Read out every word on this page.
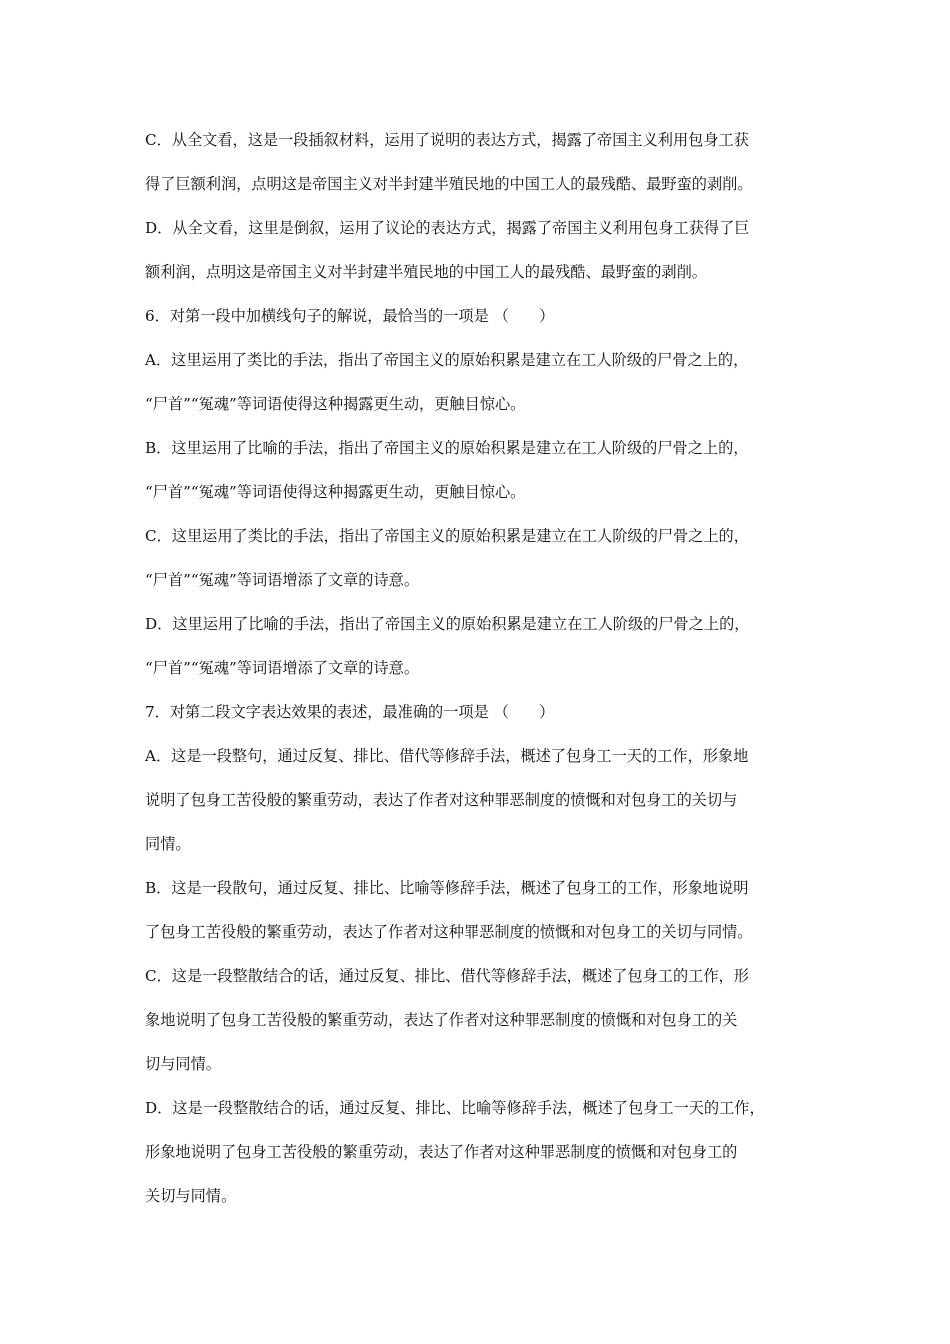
C．从全文看，这是一段插叙材料，运用了说明的表达方式，揭露了帝国主义利用包身工获
得了巨额利润，点明这是帝国主义对半封建半殖民地的中国工人的最残酷、最野蛮的剥削。
D．从全文看，这里是倒叙，运用了议论的表达方式，揭露了帝国主义利用包身工获得了巨
额利润，点明这是帝国主义对半封建半殖民地的中国工人的最残酷、最野蛮的剥削。
6．对第一段中加横线句子的解说，最恰当的一项是 （　　）
A．这里运用了类比的手法，指出了帝国主义的原始积累是建立在工人阶级的尸骨之上的，
“尸首”“冤魂”等词语使得这种揭露更生动，更触目惊心。
B．这里运用了比喻的手法，指出了帝国主义的原始积累是建立在工人阶级的尸骨之上的，
“尸首”“冤魂”等词语使得这种揭露更生动，更触目惊心。
C．这里运用了类比的手法，指出了帝国主义的原始积累是建立在工人阶级的尸骨之上的，
“尸首”“冤魂”等词语增添了文章的诗意。
D．这里运用了比喻的手法，指出了帝国主义的原始积累是建立在工人阶级的尸骨之上的，
“尸首”“冤魂”等词语增添了文章的诗意。
7．对第二段文字表达效果的表述，最准确的一项是 （　　）
A．这是一段整句，通过反复、排比、借代等修辞手法，概述了包身工一天的工作，形象地
说明了包身工苦役般的繁重劳动，表达了作者对这种罪恶制度的愤慨和对包身工的关切与
同情。
B．这是一段散句，通过反复、排比、比喻等修辞手法，概述了包身工的工作，形象地说明
了包身工苦役般的繁重劳动，表达了作者对这种罪恶制度的愤慨和对包身工的关切与同情。
C．这是一段整散结合的话，通过反复、排比、借代等修辞手法，概述了包身工的工作，形
象地说明了包身工苦役般的繁重劳动，表达了作者对这种罪恶制度的愤慨和对包身工的关
切与同情。
D．这是一段整散结合的话，通过反复、排比、比喻等修辞手法，概述了包身工一天的工作，
形象地说明了包身工苦役般的繁重劳动，表达了作者对这种罪恶制度的愤慨和对包身工的
关切与同情。
